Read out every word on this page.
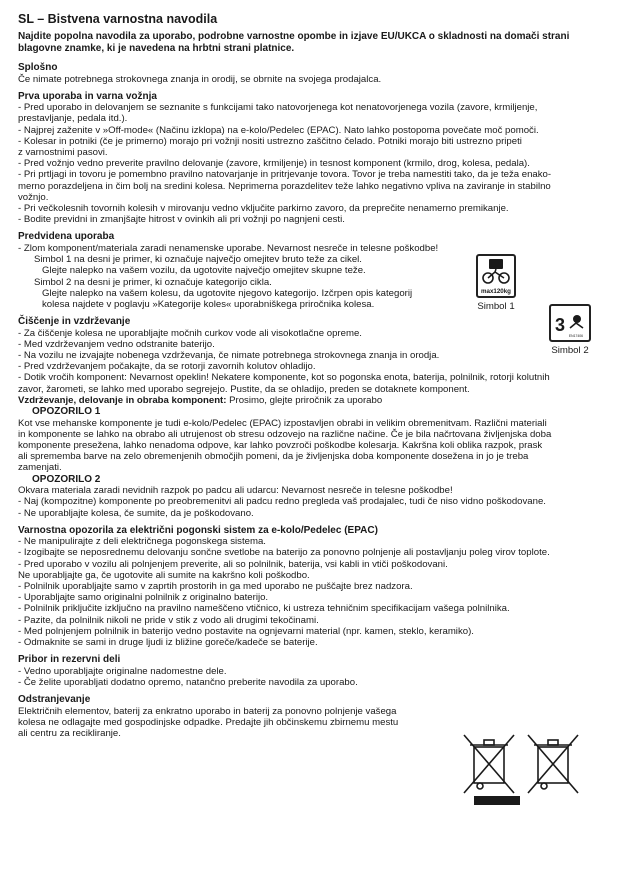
SL – Bistvena varnostna navodila
Najdite popolna navodila za uporabo, podrobne varnostne opombe in izjave EU/UKCA o skladnosti na domači strani blagovne znamke, ki je navedena na hrbtni strani platnice.
Splošno
Če nimate potrebnega strokovnega znanja in orodij, se obrnite na svojega prodajalca.
Prva uporaba in varna vožnja
- Pred uporabo in delovanjem se seznanite s funkcijami tako natovorjenega kot nenatovorjenega vozila (zavore, krmiljenje,
prestavljanje, pedala itd.).
- Najprej zaženite v »Off-mode« (Načinu izklopa) na e-kolo/Pedelec (EPAC). Nato lahko postopoma povečate moč pomoči.
- Kolesar in potniki (če je primerno) morajo pri vožnji nositi ustrezno zaščitno čelado. Potniki morajo biti ustrezno pripeti
z varnostnimi pasovi.
- Pred vožnjo vedno preverite pravilno delovanje (zavore, krmiljenje) in tesnost komponent (krmilo, drog, kolesa, pedala).
- Pri prtljagi in tovoru je pomembno pravilno natovarjanje in pritrjevanje tovora. Tovor je treba namestiti tako, da je teža enako-
merno porazdeljena in čim bolj na sredini kolesa. Neprimerna porazdelitev teže lahko negativno vpliva na zaviranje in stabilno
vožnjo.
- Pri večkolesnih tovornih kolesih v mirovanju vedno vključite parkirno zavoro, da preprečite nenamerno premikanje.
- Bodite previdni in zmanjšajte hitrost v ovinkih ali pri vožnji po nagnjeni cesti.
Predvidena uporaba
- Zlom komponent/materiala zaradi nenamenske uporabe. Nevarnost nesreče in telesne poškodbe!
Simbol 1 na desni je primer, ki označuje največjo omejitev bruto teže za cikel.
Glejte nalepko na vašem vozilu, da ugotovite največjo omejitev skupne teže.
Simbol 2 na desni je primer, ki označuje kategorijo cikla.
Glejte nalepko na vašem kolesu, da ugotovite njegovo kategorijo. Izčrpen opis kategorij
kolesa najdete v poglavju »Kategorije koles« uporabniškega priročnika kolesa.
Čiščenje in vzdrževanje
- Za čiščenje kolesa ne uporabljajte močnih curkov vode ali visokotlačne opreme.
- Med vzdrževanjem vedno odstranite baterijo.
- Na vozilu ne izvajajte nobenega vzdrževanja, če nimate potrebnega strokovnega znanja in orodja.
- Pred vzdrževanjem počakajte, da se rotorji zavornih kolutov ohladijo.
- Dotik vročih komponent: Nevarnost opeklin! Nekatere komponente, kot so pogonska enota, baterija, polnilnik, rotorji kolutnih
zavor, žarometi, se lahko med uporabo segrejejo. Pustite, da se ohladijo, preden se dotaknete komponent.
Vzdrževanje, delovanje in obraba komponent: Prosimo, glejte priročnik za uporabo
OPOZORILO 1
Kot vse mehanske komponente je tudi e-kolo/Pedelec (EPAC) izpostavljen obrabi in velikim obremenitvam. Različni materiali
in komponente se lahko na obrabo ali utrujenost ob stresu odzovejo na različne načine. Če je bila načrtovana življenjska doba
komponente presežena, lahko nenadoma odpove, kar lahko povzroči poškodbe kolesarja. Kakršna koli oblika razpok, prask
ali sprememba barve na zelo obremenjenih območjih pomeni, da je življenjska doba komponente dosežena in jo je treba
zamenjati.
OPOZORILO 2
Okvara materiala zaradi nevidnih razpok po padcu ali udarcu: Nevarnost nesreče in telesne poškodbe!
- Naj (kompozitne) komponente po preobremenitvi ali padcu redno pregleda vaš prodajalec, tudi če niso vidno poškodovane.
- Ne uporabljajte kolesa, če sumite, da je poškodovano.
Varnostna opozorila za električni pogonski sistem za e-kolo/Pedelec (EPAC)
- Ne manipulirajte z deli električnega pogonskega sistema.
- Izogibajte se neposrednemu delovanju sončne svetlobe na baterijo za ponovno polnjenje ali postavljanju poleg virov toplote.
- Pred uporabo v vozilu ali polnjenjem preverite, ali so polnilnik, baterija, vsi kabli in vtiči poškodovani.
Ne uporabljajte ga, če ugotovite ali sumite na kakršno koli poškodbo.
- Polnilnik uporabljajte samo v zaprtih prostorih in ga med uporabo ne puščajte brez nadzora.
- Uporabljajte samo originalni polnilnik z originalno baterijo.
- Polnilnik priključite izključno na pravilno nameščeno vtičnico, ki ustreza tehničnim specifikacijam vašega polnilnika.
- Pazite, da polnilnik nikoli ne pride v stik z vodo ali drugimi tekočinami.
- Med polnjenjem polnilnik in baterijo vedno postavite na ognjevarni material (npr. kamen, steklo, keramiko).
- Odmaknite se sami in druge ljudi iz bližine goreče/kadeče se baterije.
Pribor in rezervni deli
- Vedno uporabljajte originalne nadomestne dele.
- Če želite uporabljati dodatno opremo, natančno preberite navodila za uporabo.
Odstranjevanje
Električnih elementov, baterij za enkratno uporabo in baterij za ponovno polnjenje vašega
kolesa ne odlagajte med gospodinjske odpadke. Predajte jih občinskemu zbirnemu mestu
ali centru za recikliranje.
max120kg
Simbol 1
3
EN17406
Simbol 2
